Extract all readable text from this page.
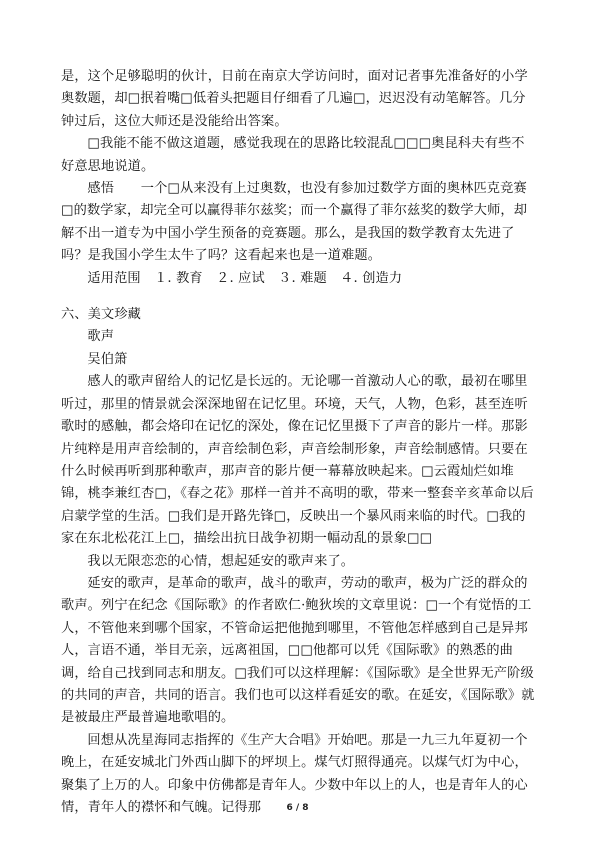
是，这个足够聪明的伙计，日前在南京大学访问时，面对记者事先准备好的小学奥数题，却□抿着嘴□低着头把题目仔细看了几遍□，迟迟没有动笔解答。几分钟过后，这位大师还是没能给出答案。

□我能不能不做这道题，感觉我现在的思路比较混乱□□□奥昆科夫有些不好意思地说道。

感悟　　一个□从来没有上过奥数，也没有参加过数学方面的奥林匹克竞赛□的数学家，却完全可以赢得菲尔兹奖；而一个赢得了菲尔兹奖的数学大师，却解不出一道专为中国小学生预备的竞赛题。那么，是我国的数学教育太先进了吗？是我国小学生太牛了吗？这看起来也是一道难题。

适用范围　１. 教育　２. 应试　３. 难题　４. 创造力

六、美文珍藏

歌声

吴伯箫

感人的歌声留给人的记忆是长远的。无论哪一首激动人心的歌，最初在哪里听过，那里的情景就会深深地留在记忆里。环境，天气，人物，色彩，甚至连听歌时的感触，都会烙印在记忆的深处，像在记忆里摄下了声音的影片一样。那影片纯粹是用声音绘制的，声音绘制色彩，声音绘制形象，声音绘制感情。只要在什么时候再听到那种歌声，那声音的影片便一幕幕放映起来。□云霞灿烂如堆锦，桃李兼红杏□，《春之花》那样一首并不高明的歌，带来一整套辛亥革命以后启蒙学堂的生活。□我们是开路先锋□，反映出一个暴风雨来临的时代。□我的家在东北松花江上□，描绘出抗日战争初期一幅动乱的景象□□

我以无限恋恋的心情，想起延安的歌声来了。

延安的歌声，是革命的歌声，战斗的歌声，劳动的歌声，极为广泛的群众的歌声。列宁在纪念《国际歌》的作者欧仁·鲍狄埃的文章里说：□一个有觉悟的工人，不管他来到哪个国家，不管命运把他抛到哪里，不管他怎样感到自己是异邦人，言语不通，举目无亲，远离祖国，□□他都可以凭《国际歌》的熟悉的曲调，给自己找到同志和朋友。□我们可以这样理解：《国际歌》是全世界无产阶级的共同的声音，共同的语言。我们也可以这样看延安的歌。在延安，《国际歌》就是被最庄严最普遍地歌唱的。

回想从冼星海同志指挥的《生产大合唱》开始吧。那是一九三九年夏初一个晚上，在延安城北门外西山脚下的坪坝上。煤气灯照得通亮。以煤气灯为中心，聚集了上万的人。印象中仿佛都是青年人。少数中年以上的人，也是青年人的心情，青年人的襟怀和气魄。记得那	6 / 8
